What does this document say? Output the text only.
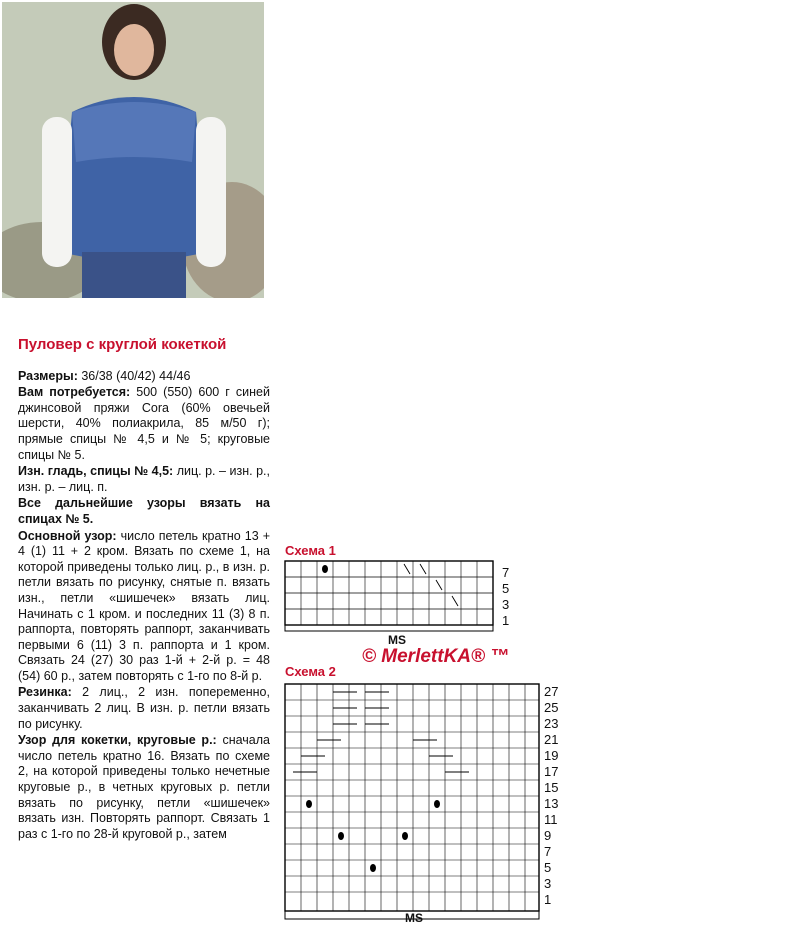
Пуловер с круглой кокеткой

Размеры: 36/38 (40/42) 44/46

Вам потребуется: 500 (550) 600 г синей джинсовой пряжи Cora (60% овечьей шерсти, 40% полиакрила, 85 м/50 г); прямые спицы № 4,5 и № 5; круговые спицы № 5.

Изн. гладь, спицы № 4,5: лиц. р. – изн. р., изн. р. – лиц. п.

Все дальнейшие узоры вязать на спицах № 5.

Основной узор: число петель кратно 13 + 4 (1) 11 + 2 кром. Вязать по схеме 1, на которой приведены только лиц. р., в изн. р. петли вязать по рисунку, снятые п. вязать изн., петли «шишечек» вязать лиц. Начинать с 1 кром. и последних 11 (3) 8 п. раппорта, повторять раппорт, заканчивать первыми 6 (11) 3 п. раппорта и 1 кром. Связать 24 (27) 30 раз 1-й + 2-й р. = 48 (54) 60 р., затем повторять с 1-го по 8-й р.

Резинка: 2 лиц., 2 изн. попеременно, заканчивать 2 лиц. В изн. р. петли вязать по рисунку.

Узор для кокетки, круговые р.: сначала число петель кратно 16. Вязать по схеме 2, на которой приведены только нечетные круговые р., в четных круговых р. петли вязать по рисунку, петли «шишечек» вязать изн. Повторять раппорт. Связать 1 раз с 1-го по 28-й круговой р., затем

Схема 1
7
5
3
1
MS
© MerlettKA® ™
Схема 2
27
25
23
21
19
17
15
13
11
9
7
5
3
1
MS
